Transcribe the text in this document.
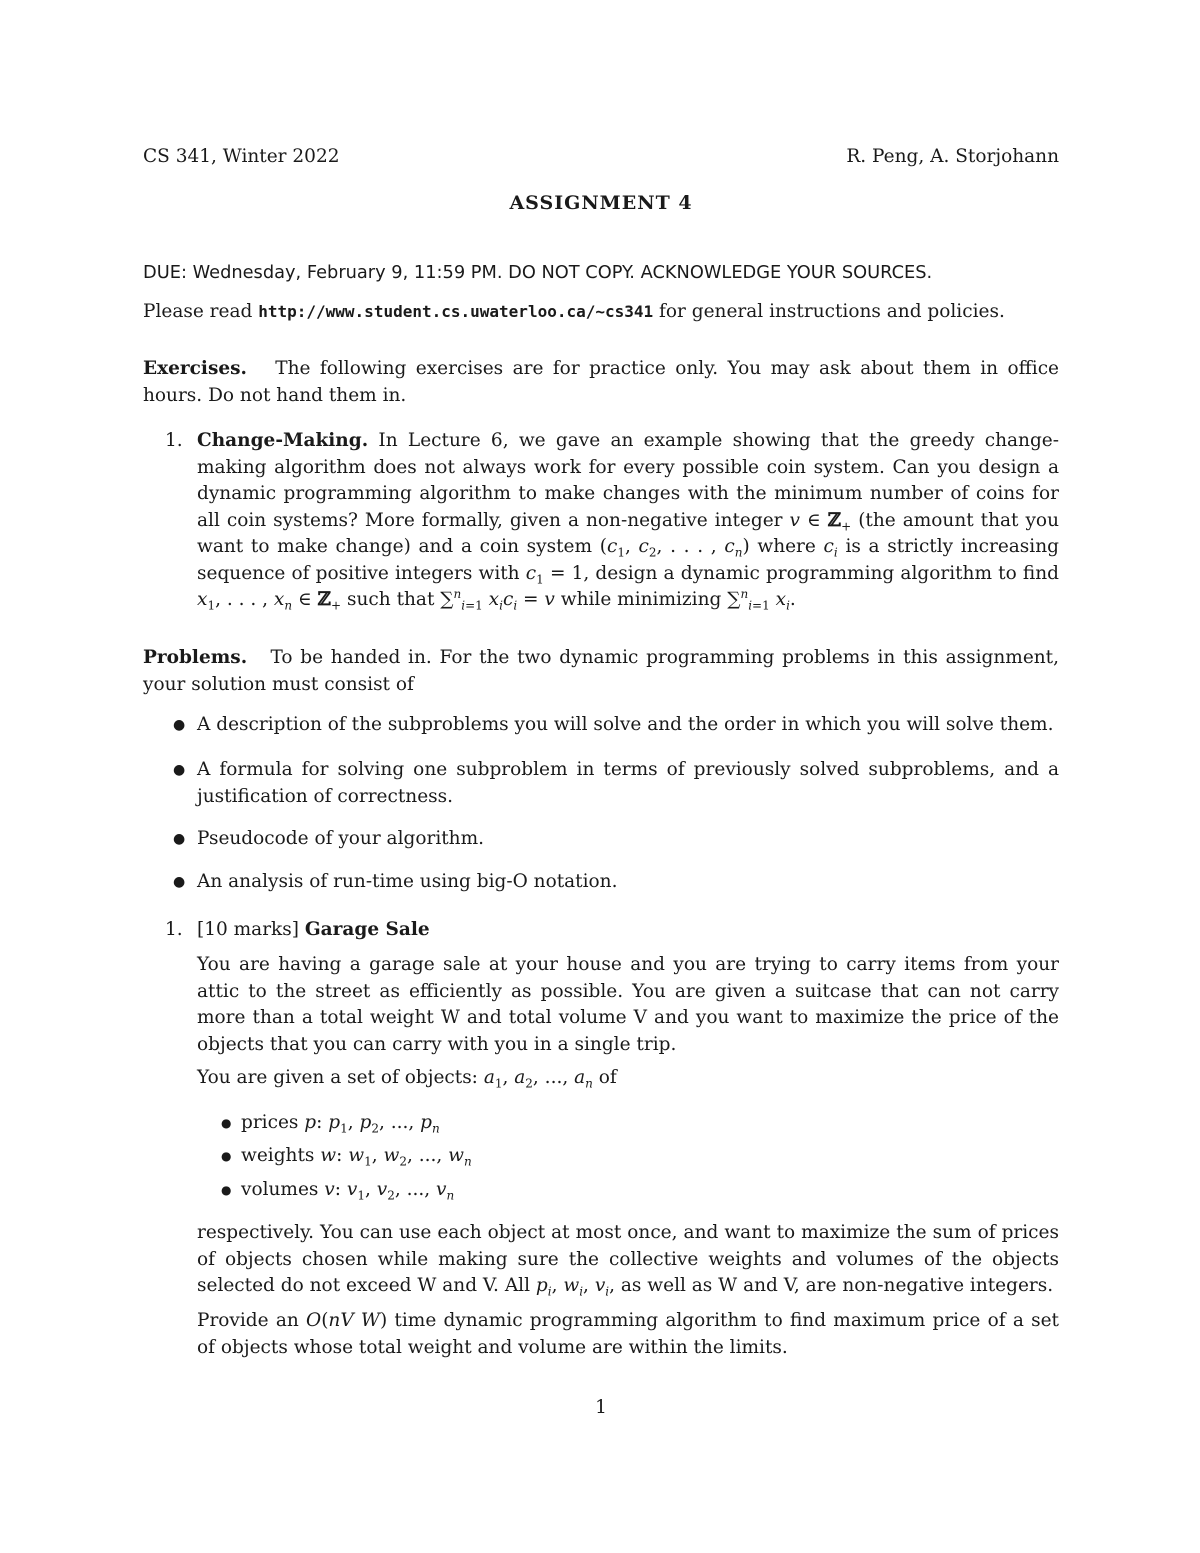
CS 341, Winter 2022	R. Peng, A. Storjohann
ASSIGNMENT 4
DUE: Wednesday, February 9, 11:59 PM. DO NOT COPY. ACKNOWLEDGE YOUR SOURCES.
Please read http://www.student.cs.uwaterloo.ca/~cs341 for general instructions and policies.
Exercises. The following exercises are for practice only. You may ask about them in office hours. Do not hand them in.
1. Change-Making. In Lecture 6, we gave an example showing that the greedy change-making algorithm does not always work for every possible coin system. Can you design a dynamic programming algorithm to make changes with the minimum number of coins for all coin systems? More formally, given a non-negative integer v ∈ ℤ$_+$ (the amount that you want to make change) and a coin system ($c_1$, $c_2$, . . . , $c_n$) where $c_i$ is a strictly increasing sequence of positive integers with $c_1 = 1$, design a dynamic programming algorithm to find $x_1$, . . . , $x_n$ ∈ ℤ$_+$ such that ∑$^n_{i=1}$ $x_ic_i = v$ while minimizing ∑$^n_{i=1}$ $x_i$.
Problems. To be handed in. For the two dynamic programming problems in this assignment, your solution must consist of
● A description of the subproblems you will solve and the order in which you will solve them.
● A formula for solving one subproblem in terms of previously solved subproblems, and a justification of correctness.
● Pseudocode of your algorithm.
● An analysis of run-time using big-O notation.
1. [10 marks] Garage Sale
You are having a garage sale at your house and you are trying to carry items from your attic to the street as efficiently as possible. You are given a suitcase that can not carry more than a total weight W and total volume V and you want to maximize the price of the objects that you can carry with you in a single trip.
You are given a set of objects: $a_1$, $a_2$, ..., $a_n$ of
● prices p: $p_1$, $p_2$, ..., $p_n$
● weights w: $w_1$, $w_2$, ..., $w_n$
● volumes v: $v_1$, $v_2$, ..., $v_n$
respectively. You can use each object at most once, and want to maximize the sum of prices of objects chosen while making sure the collective weights and volumes of the objects selected do not exceed W and V. All $p_i$, $w_i$, $v_i$, as well as W and V, are non-negative integers.
Provide an O(nV W) time dynamic programming algorithm to find maximum price of a set of objects whose total weight and volume are within the limits.
1
